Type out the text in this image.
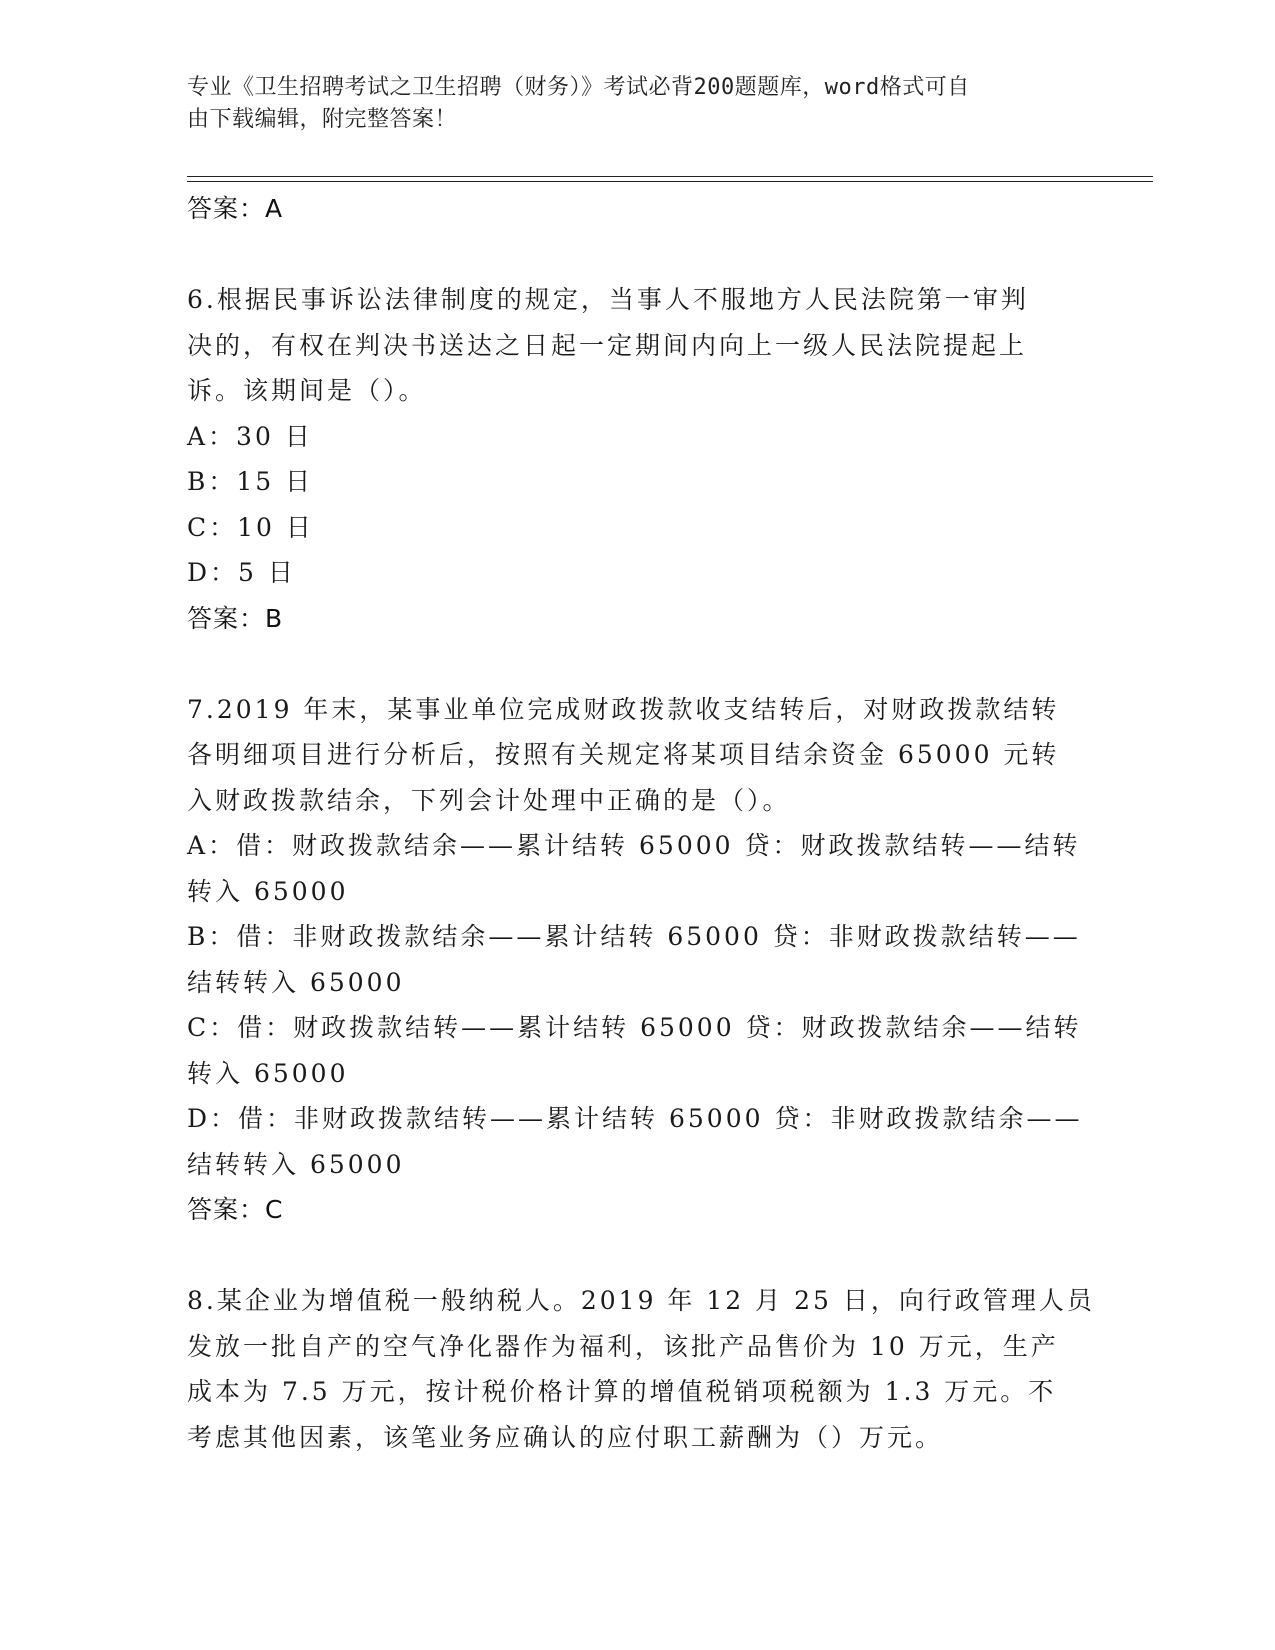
专业《卫生招聘考试之卫生招聘（财务）》考试必背200题题库，word格式可自
由下载编辑，附完整答案！
答案：A
6.根据民事诉讼法律制度的规定，当事人不服地方人民法院第一审判
决的，有权在判决书送达之日起一定期间内向上一级人民法院提起上
诉。该期间是（）。
A：30 日
B：15 日
C：10 日
D：5 日
答案：B
7.2019 年末，某事业单位完成财政拨款收支结转后，对财政拨款结转
各明细项目进行分析后，按照有关规定将某项目结余资金 65000 元转
入财政拨款结余，下列会计处理中正确的是（）。
A：借：财政拨款结余——累计结转 65000 贷：财政拨款结转——结转
转入 65000
B：借：非财政拨款结余——累计结转 65000 贷：非财政拨款结转——
结转转入 65000
C：借：财政拨款结转——累计结转 65000 贷：财政拨款结余——结转
转入 65000
D：借：非财政拨款结转——累计结转 65000 贷：非财政拨款结余——
结转转入 65000
答案：C
8.某企业为增值税一般纳税人。2019 年 12 月 25 日，向行政管理人员
发放一批自产的空气净化器作为福利，该批产品售价为 10 万元，生产
成本为 7.5 万元，按计税价格计算的增值税销项税额为 1.3 万元。不
考虑其他因素，该笔业务应确认的应付职工薪酬为（）万元。
